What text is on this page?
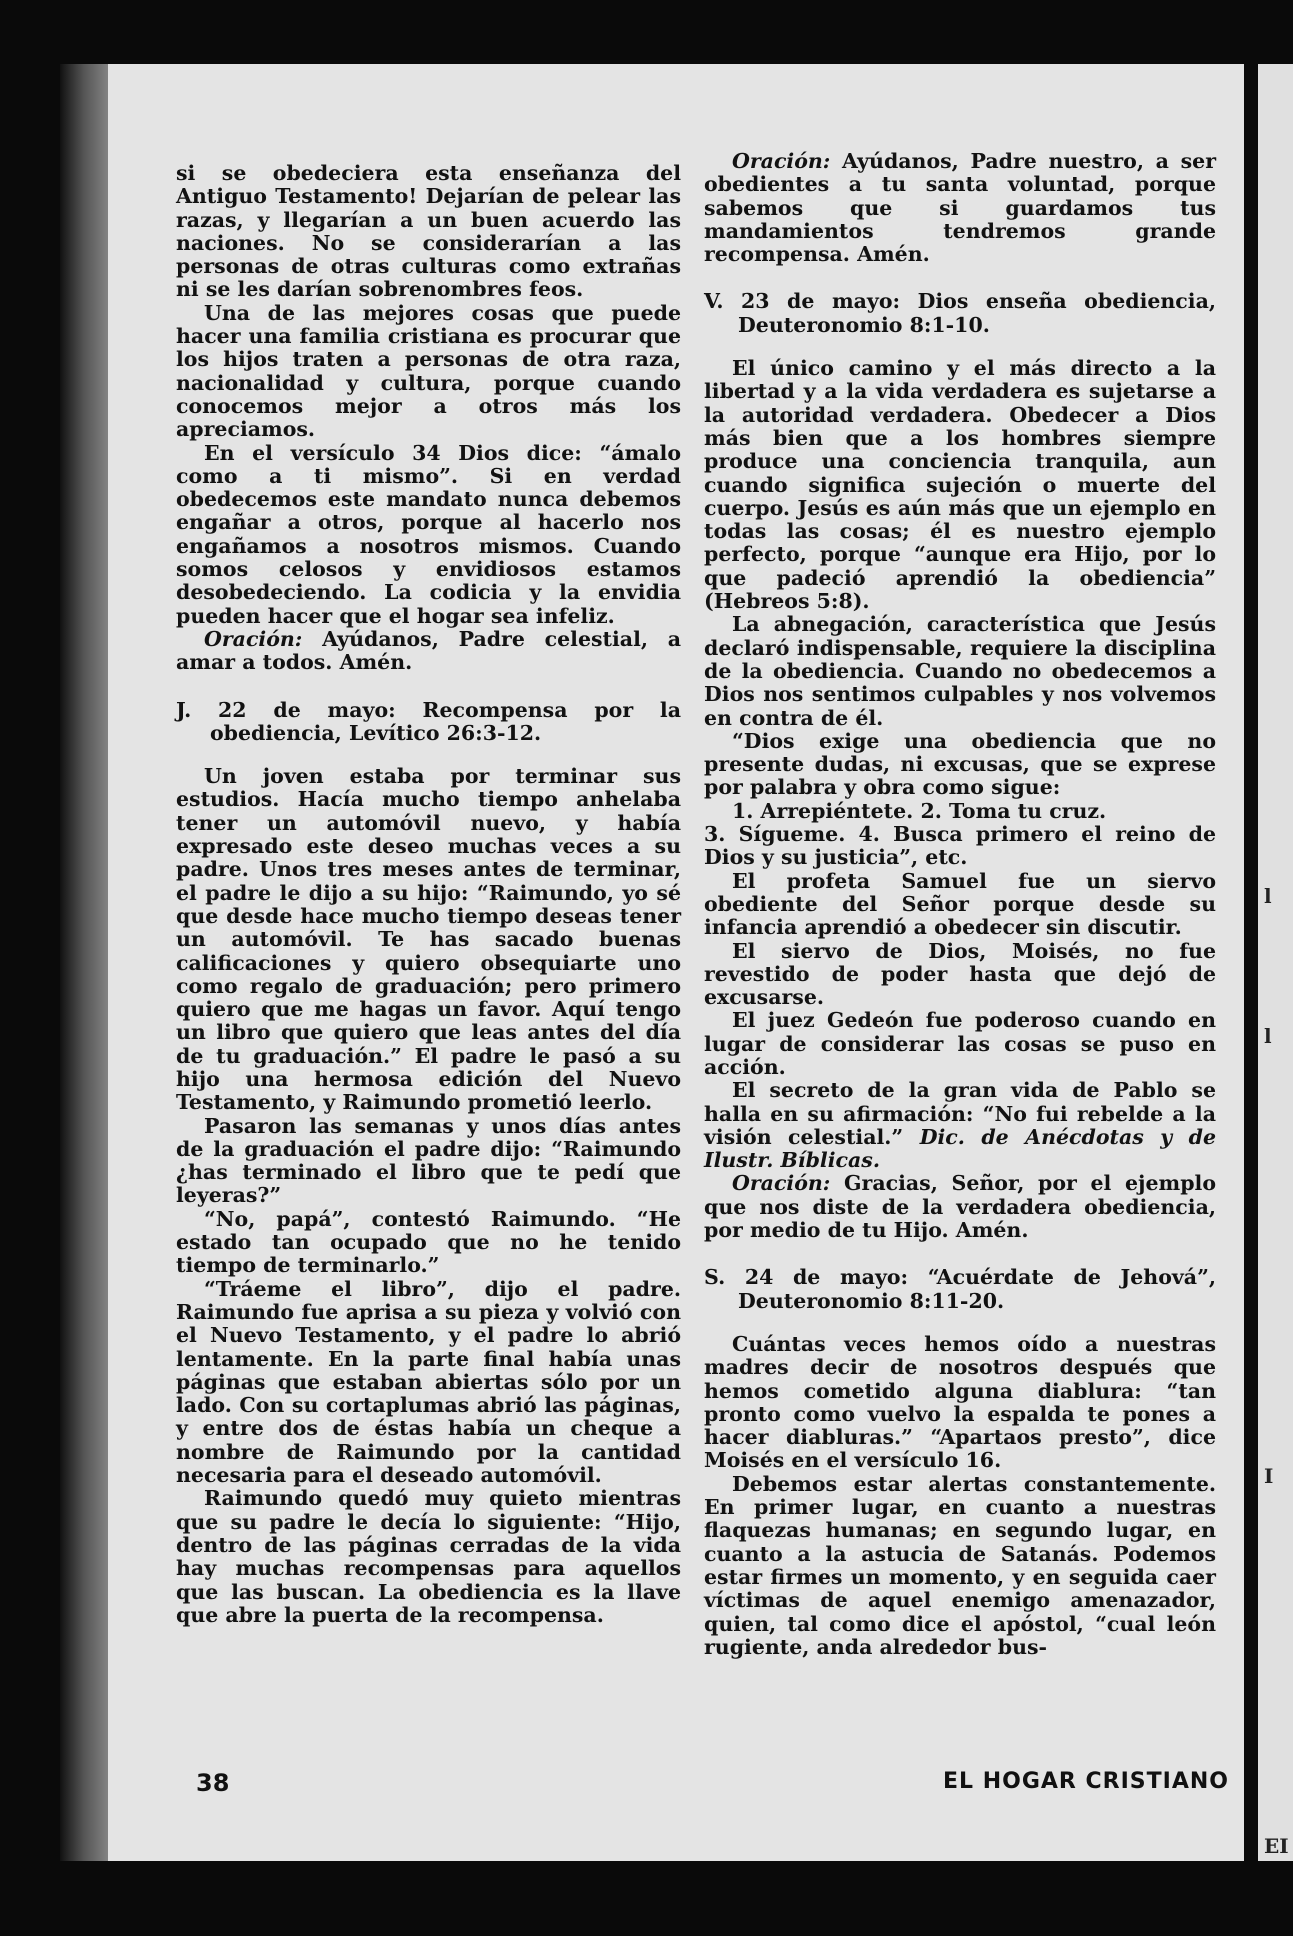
l
l
I
EI

si se obedeciera esta enseñanza del Antiguo Testamento! Dejarían de pelear las razas, y llegarían a un buen acuerdo las naciones. No se considerarían a las personas de otras culturas como extrañas ni se les darían sobrenombres feos.

Una de las mejores cosas que puede hacer una familia cristiana es procurar que los hijos traten a personas de otra raza, nacionalidad y cultura, porque cuando conocemos mejor a otros más los apreciamos.

En el versículo 34 Dios dice: “ámalo como a ti mismo”. Si en verdad obedecemos este mandato nunca debemos engañar a otros, porque al hacerlo nos engañamos a nosotros mismos. Cuando somos celosos y envidiosos estamos desobedeciendo. La codicia y la envidia pueden hacer que el hogar sea infeliz.

Oración: Ayúdanos, Padre celestial, a amar a todos. Amén.

J. 22 de mayo: Recompensa por la obediencia, Levítico 26:3-12.

Un joven estaba por terminar sus estudios. Hacía mucho tiempo anhelaba tener un automóvil nuevo, y había expresado este deseo muchas veces a su padre. Unos tres meses antes de terminar, el padre le dijo a su hijo: “Raimundo, yo sé que desde hace mucho tiempo deseas tener un automóvil. Te has sacado buenas calificaciones y quiero obsequiarte uno como regalo de graduación; pero primero quiero que me hagas un favor. Aquí tengo un libro que quiero que leas antes del día de tu graduación.” El padre le pasó a su hijo una hermosa edición del Nuevo Testamento, y Raimundo prometió leerlo.

Pasaron las semanas y unos días antes de la graduación el padre dijo: “Raimundo ¿has terminado el libro que te pedí que leyeras?”

“No, papá”, contestó Raimundo. “He estado tan ocupado que no he tenido tiempo de terminarlo.”

“Tráeme el libro”, dijo el padre. Raimundo fue aprisa a su pieza y volvió con el Nuevo Testamento, y el padre lo abrió lentamente. En la parte final había unas páginas que estaban abiertas sólo por un lado. Con su cortaplumas abrió las páginas, y entre dos de éstas había un cheque a nombre de Raimundo por la cantidad necesaria para el deseado automóvil.

Raimundo quedó muy quieto mientras que su padre le decía lo siguiente: “Hijo, dentro de las páginas cerradas de la vida hay muchas recompensas para aquellos que las buscan. La obediencia es la llave que abre la puerta de la recompensa.

Oración: Ayúdanos, Padre nuestro, a ser obedientes a tu santa voluntad, porque sabemos que si guardamos tus mandamientos tendremos grande recompensa. Amén.

V. 23 de mayo: Dios enseña obediencia, Deuteronomio 8:1-10.

El único camino y el más directo a la libertad y a la vida verdadera es sujetarse a la autoridad verdadera. Obedecer a Dios más bien que a los hombres siempre produce una conciencia tranquila, aun cuando significa sujeción o muerte del cuerpo. Jesús es aún más que un ejemplo en todas las cosas; él es nuestro ejemplo perfecto, porque “aunque era Hijo, por lo que padeció aprendió la obediencia” (Hebreos 5:8).

La abnegación, característica que Jesús declaró indispensable, requiere la disciplina de la obediencia. Cuando no obedecemos a Dios nos sentimos culpables y nos volvemos en contra de él.

“Dios exige una obediencia que no presente dudas, ni excusas, que se exprese por palabra y obra como sigue:

1. Arrepiéntete. 2. Toma tu cruz.

3. Sígueme. 4. Busca primero el reino de Dios y su justicia”, etc.

El profeta Samuel fue un siervo obediente del Señor porque desde su infancia aprendió a obedecer sin discutir.

El siervo de Dios, Moisés, no fue revestido de poder hasta que dejó de excusarse.

El juez Gedeón fue poderoso cuando en lugar de considerar las cosas se puso en acción.

El secreto de la gran vida de Pablo se halla en su afirmación: “No fui rebelde a la visión celestial.” Dic. de Anécdotas y de Ilustr. Bíblicas.

Oración: Gracias, Señor, por el ejemplo que nos diste de la verdadera obediencia, por medio de tu Hijo. Amén.

S. 24 de mayo: “Acuérdate de Jehová”, Deuteronomio 8:11-20.

Cuántas veces hemos oído a nuestras madres decir de nosotros después que hemos cometido alguna diablura: “tan pronto como vuelvo la espalda te pones a hacer diabluras.” “Apartaos presto”, dice Moisés en el versículo 16.

Debemos estar alertas constantemente. En primer lugar, en cuanto a nuestras flaquezas humanas; en segundo lugar, en cuanto a la astucia de Satanás. Podemos estar firmes un momento, y en seguida caer víctimas de aquel enemigo amenazador, quien, tal como dice el apóstol, “cual león rugiente, anda alrededor bus-

38	EL HOGAR CRISTIANO
